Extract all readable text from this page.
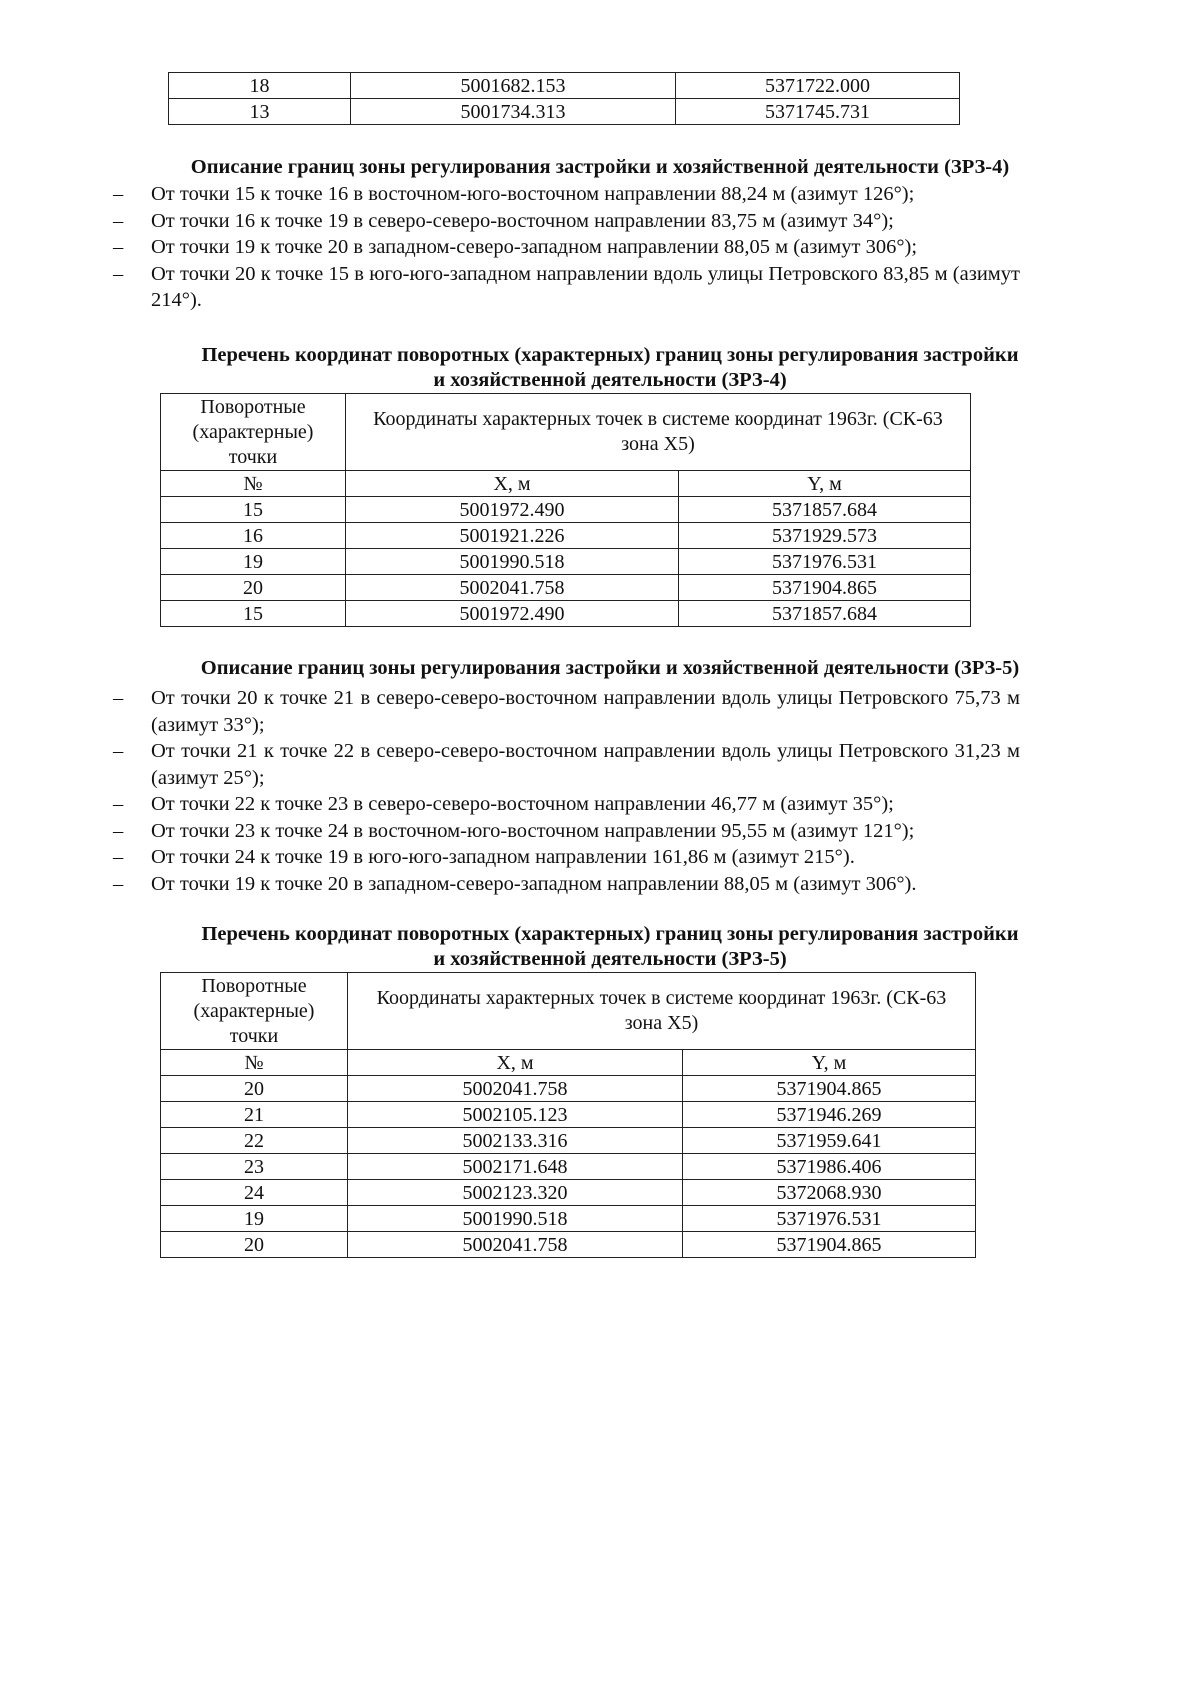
18	5001682.153	5371722.000
13	5001734.313	5371745.731
Описание границ зоны регулирования застройки и хозяйственной деятельности (ЗРЗ-4)
– От точки 15 к точке 16 в восточном-юго-восточном направлении 88,24 м (азимут 126°);
– От точки 16 к точке 19 в северо-северо-восточном направлении 83,75 м (азимут 34°);
– От точки 19 к точке 20 в западном-северо-западном направлении 88,05 м (азимут 306°);
– От точки 20 к точке 15 в юго-юго-западном направлении вдоль улицы Петровского 83,85 м (азимут 214°).
Перечень координат поворотных (характерных) границ зоны регулирования застройки
и хозяйственной деятельности (ЗРЗ-4)
Поворотные (характерные) точки	Координаты характерных точек в системе координат 1963г. (СК-63 зона Х5)	
№	X, м	Y, м
15	5001972.490	5371857.684
16	5001921.226	5371929.573
19	5001990.518	5371976.531
20	5002041.758	5371904.865
15	5001972.490	5371857.684
Описание границ зоны регулирования застройки и хозяйственной деятельности (ЗРЗ-5)
– От точки 20 к точке 21 в северо-северо-восточном направлении вдоль улицы Петровского 75,73 м (азимут 33°);
– От точки 21 к точке 22 в северо-северо-восточном направлении вдоль улицы Петровского 31,23 м (азимут 25°);
– От точки 22 к точке 23 в северо-северо-восточном направлении 46,77 м (азимут 35°);
– От точки 23 к точке 24 в восточном-юго-восточном направлении 95,55 м (азимут 121°);
– От точки 24 к точке 19 в юго-юго-западном направлении 161,86 м (азимут 215°).
– От точки 19 к точке 20 в западном-северо-западном направлении 88,05 м (азимут 306°).
Перечень координат поворотных (характерных) границ зоны регулирования застройки
и хозяйственной деятельности (ЗРЗ-5)
Поворотные (характерные) точки	Координаты характерных точек в системе координат 1963г. (СК-63 зона Х5)	
№	X, м	Y, м
20	5002041.758	5371904.865
21	5002105.123	5371946.269
22	5002133.316	5371959.641
23	5002171.648	5371986.406
24	5002123.320	5372068.930
19	5001990.518	5371976.531
20	5002041.758	5371904.865
